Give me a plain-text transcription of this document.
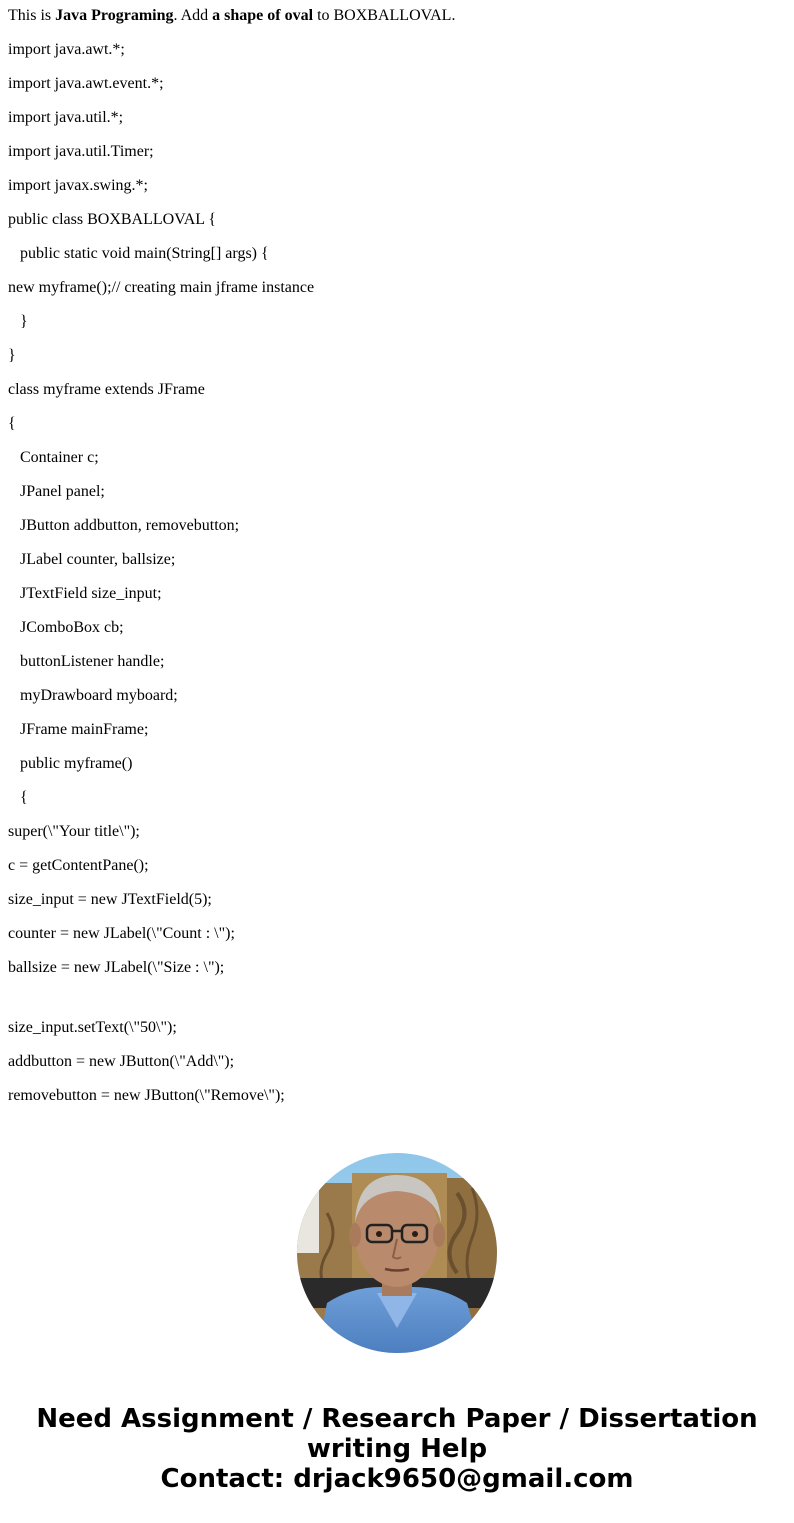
This is Java Programing. Add a shape of oval to BOXBALLOVAL.

import java.awt.*;

import java.awt.event.*;

import java.util.*;

import java.util.Timer;

import javax.swing.*;

public class BOXBALLOVAL {

public static void main(String[] args) {

new myframe();// creating main jframe instance

}

}

class myframe extends JFrame

{

Container c;

JPanel panel;

JButton addbutton, removebutton;

JLabel counter, ballsize;

JTextField size_input;

JComboBox cb;

buttonListener handle;

myDrawboard myboard;

JFrame mainFrame;

public myframe()

{

super(\"Your title\");

c = getContentPane();

size_input = new JTextField(5);

counter = new JLabel(\"Count : \");

ballsize = new JLabel(\"Size : \");

size_input.setText(\"50\");

addbutton = new JButton(\"Add\");

removebutton = new JButton(\"Remove\");

Need Assignment / Research Paper / Dissertation
writing Help
Contact: drjack9650@gmail.com
